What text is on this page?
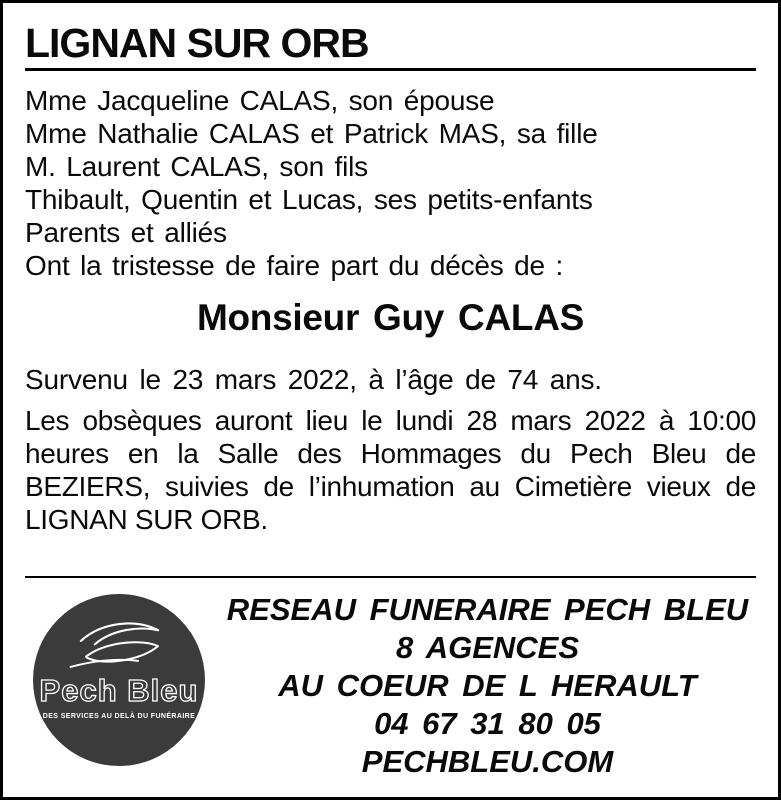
LIGNAN SUR ORB
Mme Jacqueline CALAS, son épouse
Mme Nathalie CALAS et Patrick MAS, sa fille
M. Laurent CALAS, son fils
Thibault, Quentin et Lucas, ses petits-enfants
Parents et alliés
Ont la tristesse de faire part du décès de :
Monsieur Guy CALAS
Survenu le 23 mars 2022, à l’âge de 74 ans.
Les obsèques auront lieu le lundi 28 mars 2022 à 10:00
heures en la Salle des Hommages du Pech Bleu de
BEZIERS, suivies de l’inhumation au Cimetière vieux de
LIGNAN SUR ORB.
Pech Bleu
DES SERVICES AU DELÀ DU FUNÉRAIRE
RESEAU FUNERAIRE PECH BLEU
8 AGENCES
AU COEUR DE L HERAULT
04 67 31 80 05
PECHBLEU.COM
